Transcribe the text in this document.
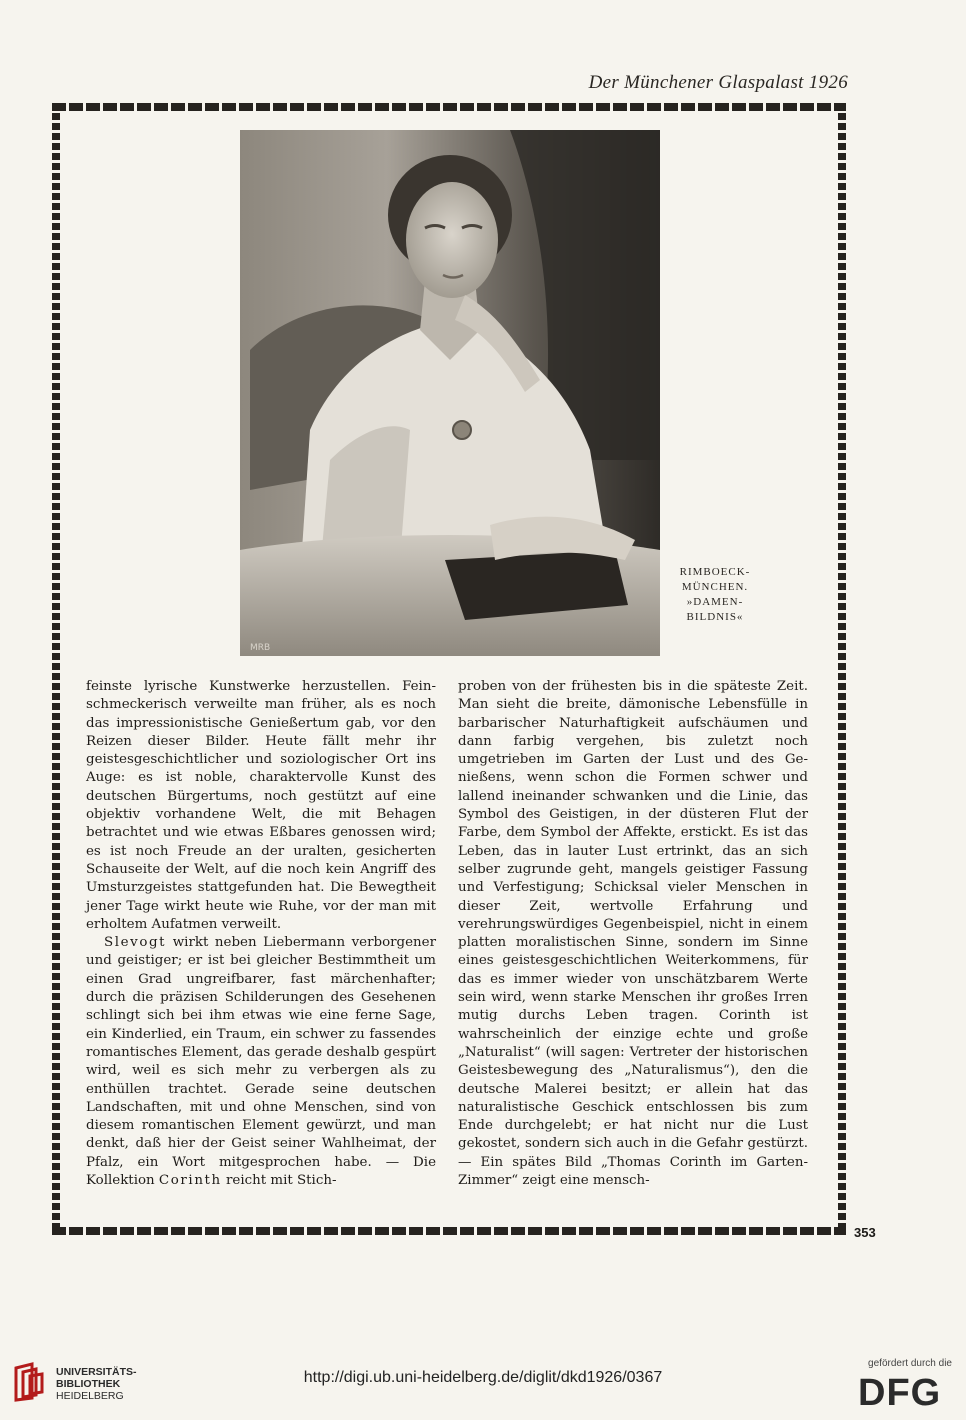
Der Münchener Glaspalast 1926
MRB
RIMBOECK-
MÜNCHEN.
»DAMEN-
BILDNIS«

feinste lyrische Kunstwerke herzustellen. Feinschmeckerisch verweilte man früher, als es noch das impressionistische Genießertum gab, vor den Reizen dieser Bilder. Heute fällt mehr ihr geistesgeschichtlicher und soziologischer Ort ins Auge: es ist noble, charaktervolle Kunst des deutschen Bürgertums, noch gestützt auf eine objektiv vorhandene Welt, die mit Behagen betrachtet und wie etwas Eßbares genossen wird; es ist noch Freude an der uralten, gesicherten Schauseite der Welt, auf die noch kein Angriff des Umsturzgeistes stattgefunden hat. Die Bewegtheit jener Tage wirkt heute wie Ruhe, vor der man mit erholtem Aufatmen verweilt.

Slevogt wirkt neben Liebermann verborgener und geistiger; er ist bei gleicher Bestimmtheit um einen Grad ungreifbarer, fast märchenhafter; durch die präzisen Schilderungen des Gesehenen schlingt sich bei ihm etwas wie eine ferne Sage, ein Kinderlied, ein Traum, ein schwer zu fassendes romantisches Element, das gerade deshalb gespürt wird, weil es sich mehr zu verbergen als zu enthüllen trachtet. Gerade seine deutschen Landschaften, mit und ohne Menschen, sind von diesem romantischen Element gewürzt, und man denkt, daß hier der Geist seiner Wahlheimat, der Pfalz, ein Wort mitgesprochen habe. — Die Kollektion Corinth reicht mit Stich-

proben von der frühesten bis in die späteste Zeit. Man sieht die breite, dämonische Lebensfülle in barbarischer Naturhaftigkeit aufschäumen und dann farbig vergehen, bis zuletzt noch umgetrieben im Garten der Lust und des Genießens, wenn schon die Formen schwer und lallend ineinander schwanken und die Linie, das Symbol des Geistigen, in der düsteren Flut der Farbe, dem Symbol der Affekte, erstickt. Es ist das Leben, das in lauter Lust ertrinkt, das an sich selber zugrunde geht, mangels geistiger Fassung und Verfestigung; Schicksal vieler Menschen in dieser Zeit, wertvolle Erfahrung und verehrungswürdiges Gegenbeispiel, nicht in einem platten moralistischen Sinne, sondern im Sinne eines geistesgeschichtlichen Weiterkommens, für das es immer wieder von unschätzbarem Werte sein wird, wenn starke Menschen ihr großes Irren mutig durchs Leben tragen. Corinth ist wahrscheinlich der einzige echte und große „Naturalist“ (will sagen: Vertreter der historischen Geistesbewegung des „Naturalismus“), den die deutsche Malerei besitzt; er allein hat das naturalistische Geschick entschlossen bis zum Ende durchgelebt; er hat nicht nur die Lust gekostet, sondern sich auch in die Gefahr gestürzt. — Ein spätes Bild „Thomas Corinth im Garten-Zimmer“ zeigt eine mensch-

353
UNIVERSITÄTS-
BIBLIOTHEK
HEIDELBERG
http://digi.ub.uni-heidelberg.de/diglit/dkd1926/0367
gefördert durch die
DFG
